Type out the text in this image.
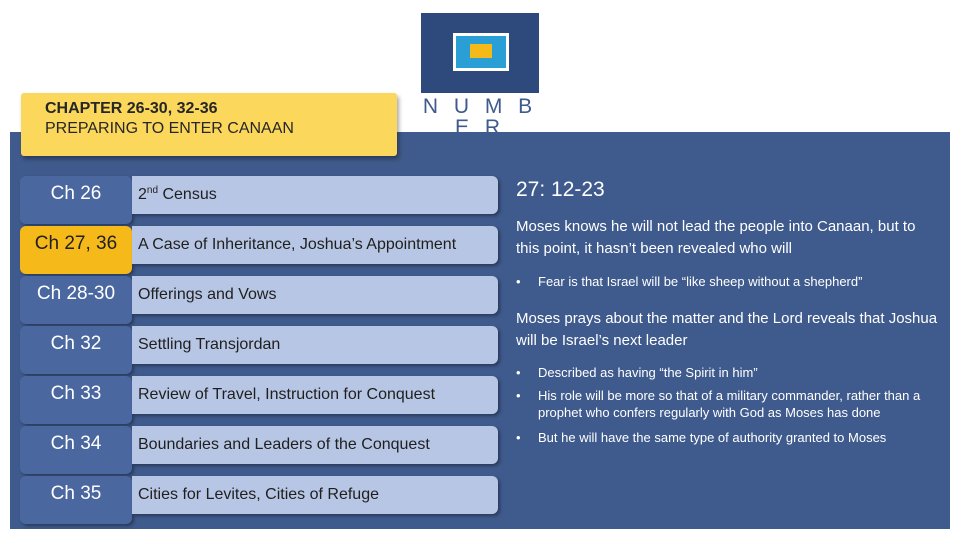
N U M B E R
S
CHAPTER 26-30, 32-36
PREPARING TO ENTER CANAAN
Ch 26	2nd Census
Ch 27, 36	A Case of Inheritance, Joshua’s Appointment
Ch 28-30	Offerings and Vows
Ch 32	Settling Transjordan
Ch 33	Review of Travel, Instruction for Conquest
Ch 34	Boundaries and Leaders of the Conquest
Ch 35	Cities for Levites, Cities of Refuge
27: 12-23
Moses knows he will not lead the people into Canaan, but to this point, it hasn’t been revealed who will
• Fear is that Israel will be “like sheep without a shepherd”
Moses prays about the matter and the Lord reveals that Joshua will be Israel’s next leader
• Described as having “the Spirit in him”
• His role will be more so that of a military commander, rather than a prophet who confers regularly with God as Moses has done
• But he will have the same type of authority granted to Moses
